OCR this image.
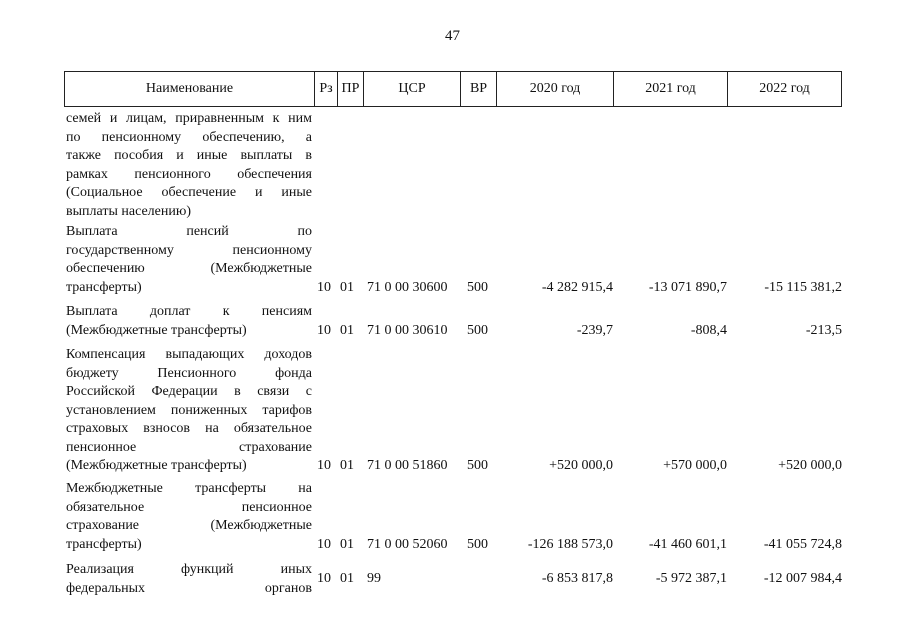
47
Наименование	Рз ПР	ЦСР	ВР	2020 год	2021 год	2022 год
семей и лицам, приравненным к ним
по пенсионному обеспечению, а
также пособия и иные выплаты в
рамках пенсионного обеспечения
(Социальное обеспечение и иные
выплаты населению)
Выплата пенсий по
государственному пенсионному
обеспечению (Межбюджетные
трансферты)	10 01 71 0 00 30600 500	-4 282 915,4	-13 071 890,7	-15 115 381,2
Выплата доплат к пенсиям
(Межбюджетные трансферты)	10 01 71 0 00 30610 500	-239,7	-808,4	-213,5
Компенсация выпадающих доходов
бюджету Пенсионного фонда
Российской Федерации в связи с
установлением пониженных тарифов
страховых взносов на обязательное
пенсионное страхование
(Межбюджетные трансферты)	10 01 71 0 00 51860 500	+520 000,0	+570 000,0	+520 000,0
Межбюджетные трансферты на
обязательное пенсионное
страхование (Межбюджетные
трансферты)	10 01 71 0 00 52060 500	-126 188 573,0	-41 460 601,1	-41 055 724,8
Реализация функций иных
федеральных органов
10 01 99	-6 853 817,8	-5 972 387,1	-12 007 984,4
